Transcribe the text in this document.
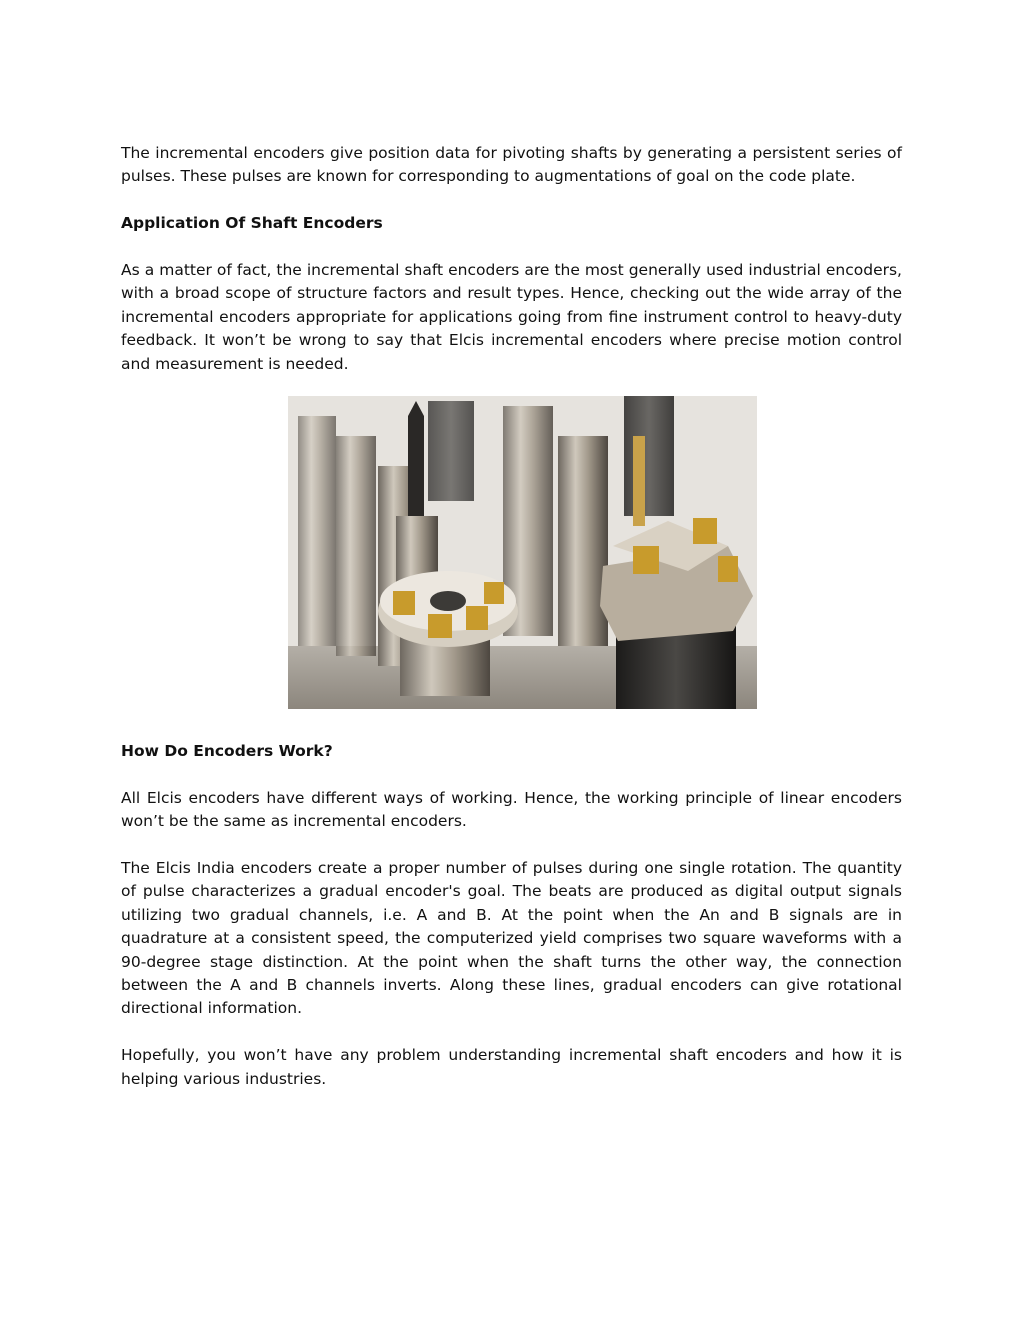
The incremental encoders give position data for pivoting shafts by generating a persistent series of pulses. These pulses are known for corresponding to augmentations of goal on the code plate.

Application Of Shaft Encoders

As a matter of fact, the incremental shaft encoders are the most generally used industrial encoders, with a broad scope of structure factors and result types. Hence, checking out the wide array of the incremental encoders appropriate for applications going from fine instrument control to heavy-duty feedback. It won’t be wrong to say that Elcis incremental encoders where precise motion control and measurement is needed.

How Do Encoders Work?

All Elcis encoders have different ways of working. Hence, the working principle of linear encoders won’t be the same as incremental encoders.

The Elcis India encoders create a proper number of pulses during one single rotation. The quantity of pulse characterizes a gradual encoder's goal. The beats are produced as digital output signals utilizing two gradual channels, i.e. A and B. At the point when the An and B signals are in quadrature at a consistent speed, the computerized yield comprises two square waveforms with a 90-degree stage distinction. At the point when the shaft turns the other way, the connection between the A and B channels inverts. Along these lines, gradual encoders can give rotational directional information.

Hopefully, you won’t have any problem understanding incremental shaft encoders and how it is helping various industries.
